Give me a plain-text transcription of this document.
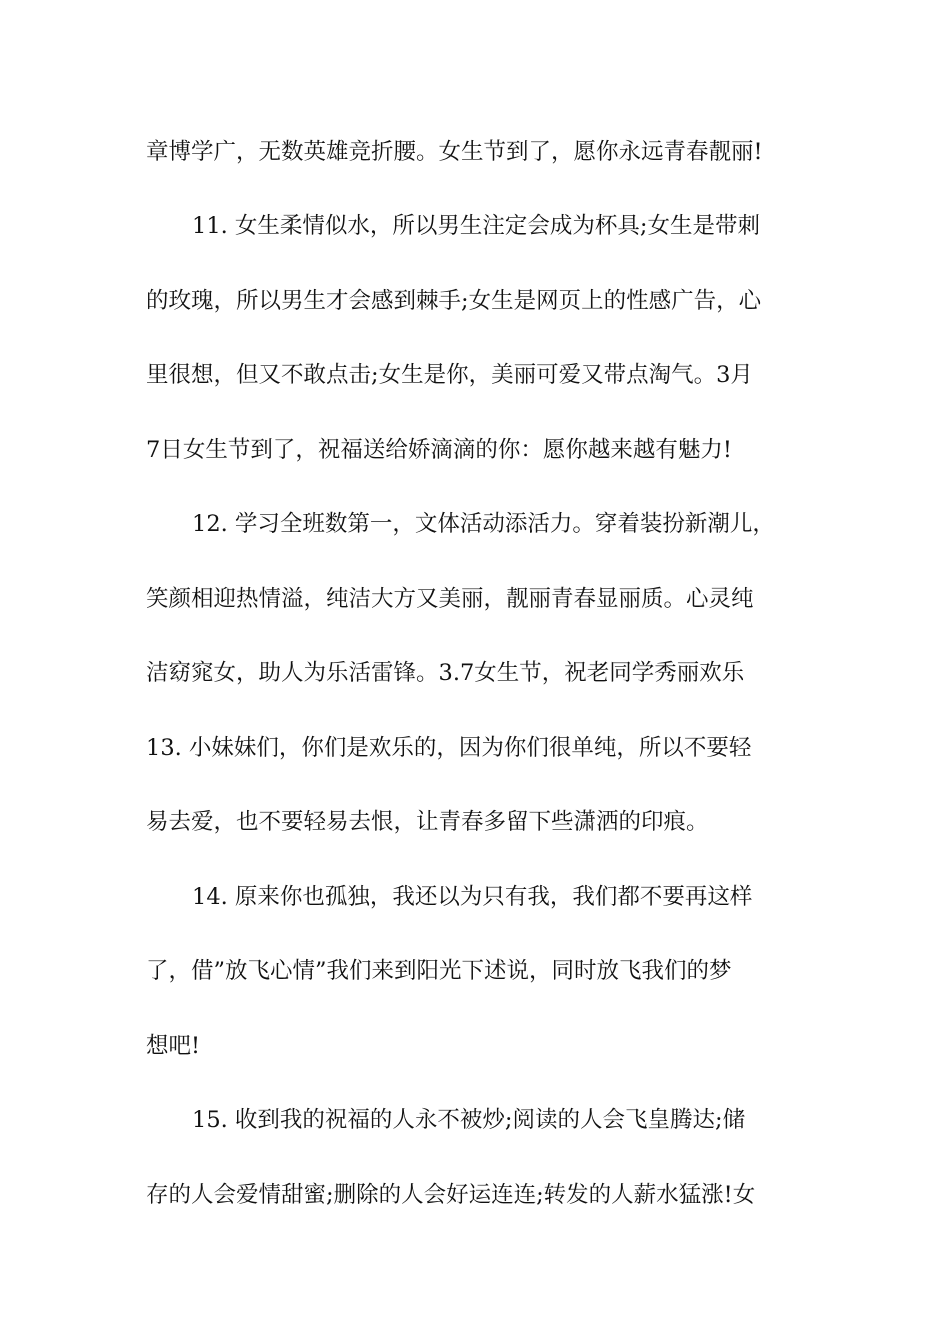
章博学广，无数英雄竞折腰。女生节到了，愿你永远青春靓丽!
11. 女生柔情似水，所以男生注定会成为杯具;女生是带刺
的玫瑰，所以男生才会感到棘手;女生是网页上的性感广告，心
里很想，但又不敢点击;女生是你，美丽可爱又带点淘气。3月
7日女生节到了，祝福送给娇滴滴的你：愿你越来越有魅力!
12. 学习全班数第一，文体活动添活力。穿着装扮新潮儿，
笑颜相迎热情溢，纯洁大方又美丽，靓丽青春显丽质。心灵纯
洁窈窕女，助人为乐活雷锋。3.7女生节，祝老同学秀丽欢乐
13. 小妹妹们，你们是欢乐的，因为你们很单纯，所以不要轻
易去爱，也不要轻易去恨，让青春多留下些潇洒的印痕。
14. 原来你也孤独，我还以为只有我，我们都不要再这样
了，借”放飞心情”我们来到阳光下述说，同时放飞我们的梦
想吧!
15. 收到我的祝福的人永不被炒;阅读的人会飞皇腾达;储
存的人会爱情甜蜜;删除的人会好运连连;转发的人薪水猛涨!女
